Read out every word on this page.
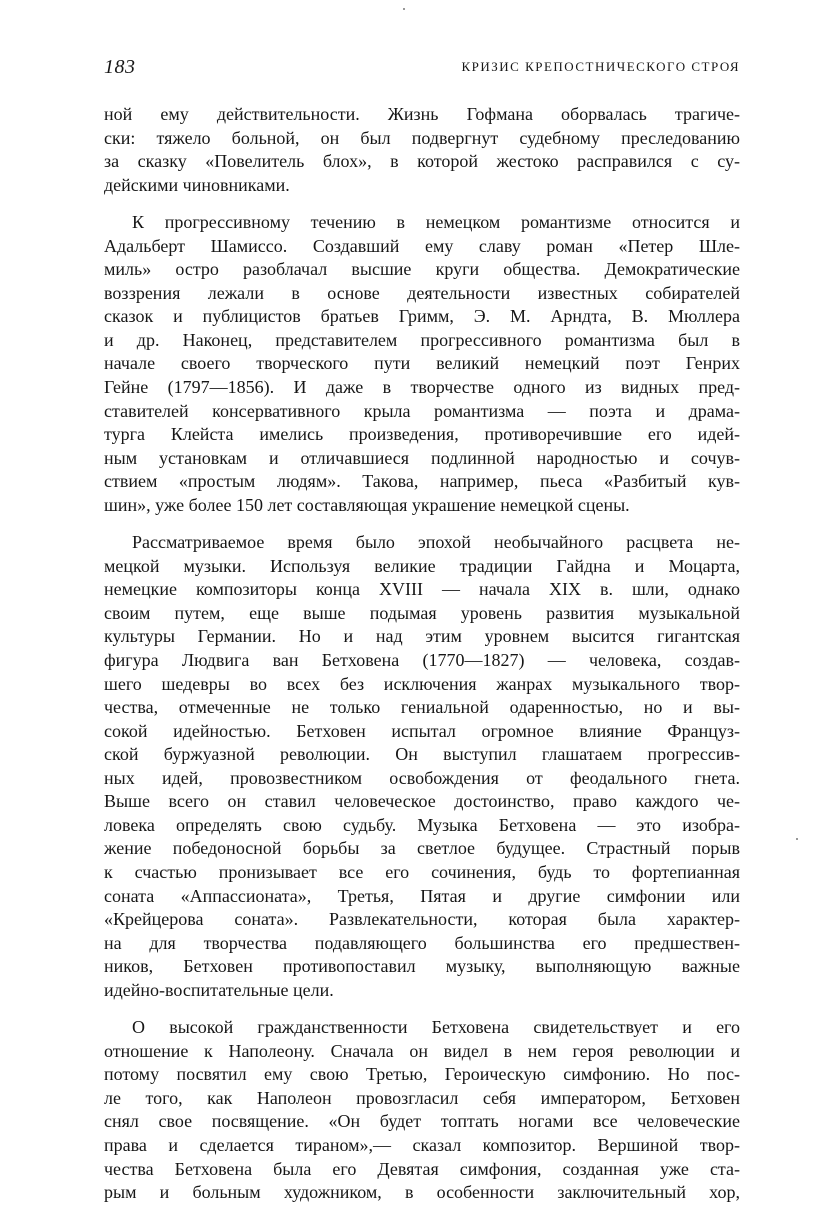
183	КРИЗИС КРЕПОСТНИЧЕСКОГО СТРОЯ
ной ему действительности. Жизнь Гофмана оборвалась трагиче-
ски: тяжело больной, он был подвергнут судебному преследованию
за сказку «Повелитель блох», в которой жестоко расправился с су-
дейскими чиновниками.
К прогрессивному течению в немецком романтизме относится и
Адальберт Шамиссо. Создавший ему славу роман «Петер Шле-
миль» остро разоблачал высшие круги общества. Демократические
воззрения лежали в основе деятельности известных собирателей
сказок и публицистов братьев Гримм, Э. М. Арндта, В. Мюллера
и др. Наконец, представителем прогрессивного романтизма был в
начале своего творческого пути великий немецкий поэт Генрих
Гейне (1797—1856). И даже в творчестве одного из видных пред-
ставителей консервативного крыла романтизма — поэта и драма-
турга Клейста имелись произведения, противоречившие его идей-
ным установкам и отличавшиеся подлинной народностью и сочув-
ствием «простым людям». Такова, например, пьеса «Разбитый кув-
шин», уже более 150 лет составляющая украшение немецкой сцены.
Рассматриваемое время было эпохой необычайного расцвета не-
мецкой музыки. Используя великие традиции Гайдна и Моцарта,
немецкие композиторы конца XVIII — начала XIX в. шли, однако
своим путем, еще выше подымая уровень развития музыкальной
культуры Германии. Но и над этим уровнем высится гигантская
фигура Людвига ван Бетховена (1770—1827) — человека, создав-
шего шедевры во всех без исключения жанрах музыкального твор-
чества, отмеченные не только гениальной одаренностью, но и вы-
сокой идейностью. Бетховен испытал огромное влияние Француз-
ской буржуазной революции. Он выступил глашатаем прогрессив-
ных идей, провозвестником освобождения от феодального гнета.
Выше всего он ставил человеческое достоинство, право каждого че-
ловека определять свою судьбу. Музыка Бетховена — это изобра-
жение победоносной борьбы за светлое будущее. Страстный порыв
к счастью пронизывает все его сочинения, будь то фортепианная
соната «Аппассионата», Третья, Пятая и другие симфонии или
«Крейцерова соната». Развлекательности, которая была характер-
на для творчества подавляющего большинства его предшествен-
ников, Бетховен противопоставил музыку, выполняющую важные
идейно-воспитательные цели.
О высокой гражданственности Бетховена свидетельствует и его
отношение к Наполеону. Сначала он видел в нем героя революции и
потому посвятил ему свою Третью, Героическую симфонию. Но пос-
ле того, как Наполеон провозгласил себя императором, Бетховен
снял свое посвящение. «Он будет топтать ногами все человеческие
права и сделается тираном»,— сказал композитор. Вершиной твор-
чества Бетховена была его Девятая симфония, созданная уже ста-
рым и больным художником, в особенности заключительный хор,
